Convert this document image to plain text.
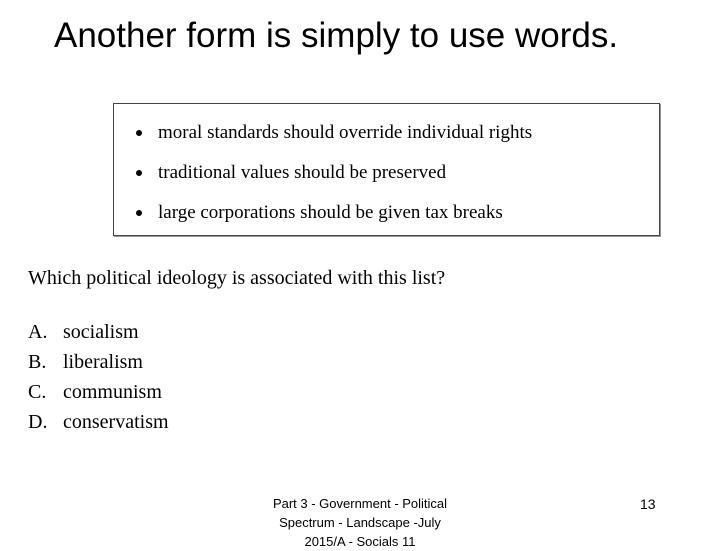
Another form is simply to use words.
moral standards should override individual rights
traditional values should be preserved
large corporations should be given tax breaks
Which political ideology is associated with this list?
A. socialism
B. liberalism
C. communism
D. conservatism
Part 3 - Government - Political
Spectrum - Landscape -July
2015/A - Socials 11
13
